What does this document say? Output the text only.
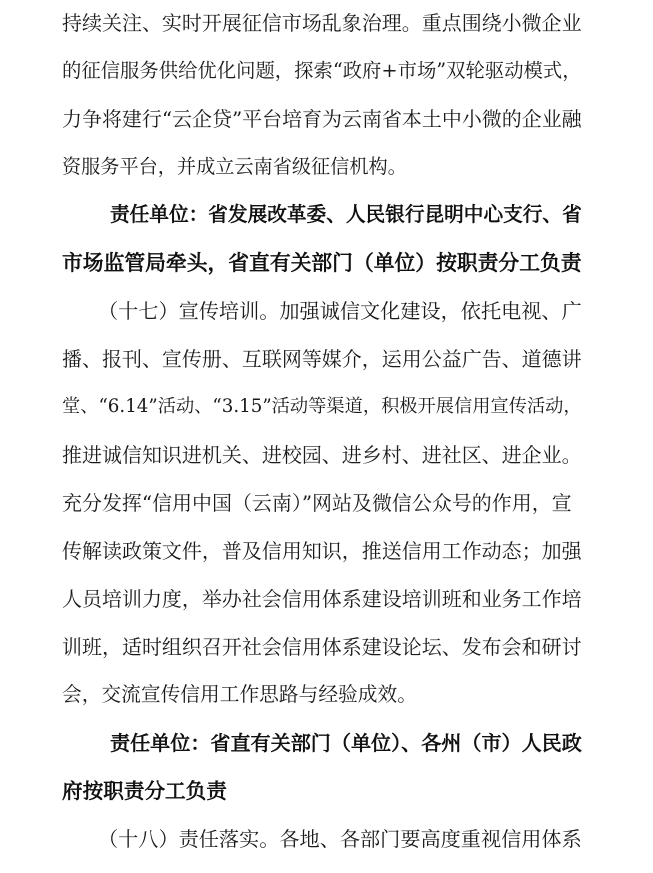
持续关注、实时开展征信市场乱象治理。重点围绕小微企业
的征信服务供给优化问题，探索“政府+市场”双轮驱动模式，
力争将建行“云企贷”平台培育为云南省本土中小微的企业融
资服务平台，并成立云南省级征信机构。
责任单位：省发展改革委、人民银行昆明中心支行、省
市场监管局牵头，省直有关部门（单位）按职责分工负责
（十七）宣传培训。加强诚信文化建设，依托电视、广
播、报刊、宣传册、互联网等媒介，运用公益广告、道德讲
堂、“6.14”活动、“3.15”活动等渠道，积极开展信用宣传活动，
推进诚信知识进机关、进校园、进乡村、进社区、进企业。
充分发挥“信用中国（云南）”网站及微信公众号的作用，宣
传解读政策文件，普及信用知识，推送信用工作动态；加强
人员培训力度，举办社会信用体系建设培训班和业务工作培
训班，适时组织召开社会信用体系建设论坛、发布会和研讨
会，交流宣传信用工作思路与经验成效。
责任单位：省直有关部门（单位）、各州（市）人民政
府按职责分工负责
（十八）责任落实。各地、各部门要高度重视信用体系
